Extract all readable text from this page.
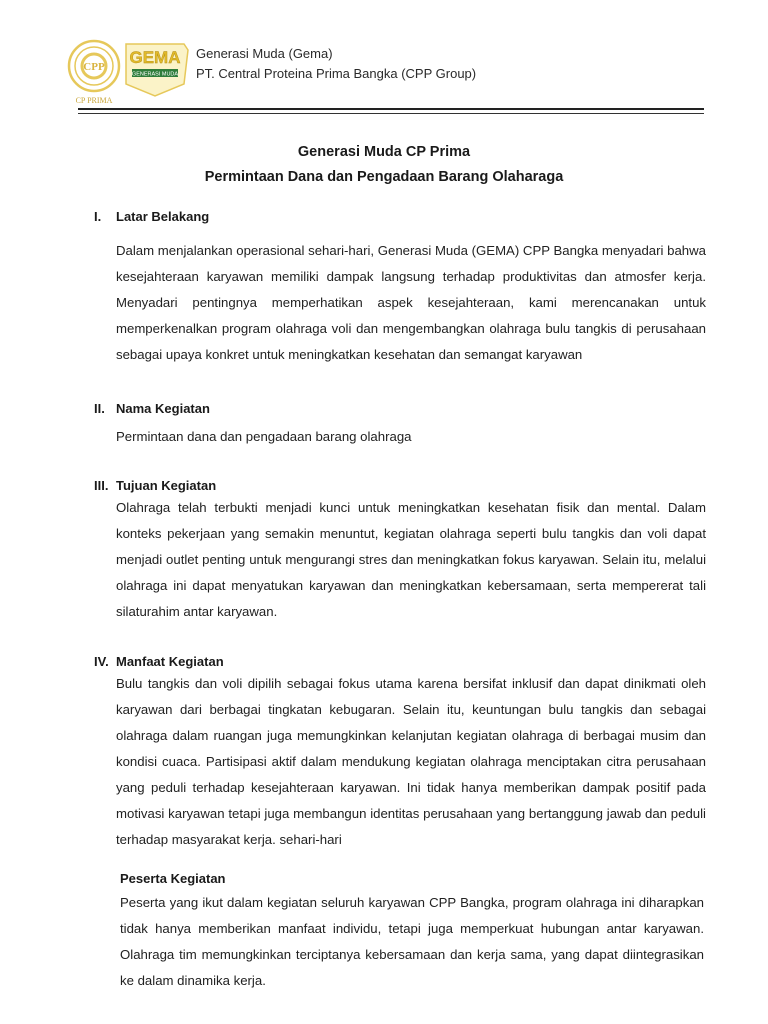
CPP
CP PRIMA
GEMA
GENERASI MUDA
Generasi Muda (Gema)
PT. Central Proteina Prima Bangka (CPP Group)
Generasi Muda CP Prima
Permintaan Dana dan Pengadaan Barang Olaharaga
I. Latar Belakang

Dalam menjalankan operasional sehari-hari, Generasi Muda (GEMA) CPP Bangka menyadari bahwa kesejahteraan karyawan memiliki dampak langsung terhadap produktivitas dan atmosfer kerja. Menyadari pentingnya memperhatikan aspek kesejahteraan, kami merencanakan untuk memperkenalkan program olahraga voli dan mengembangkan olahraga bulu tangkis di perusahaan sebagai upaya konkret untuk meningkatkan kesehatan dan semangat karyawan

II. Nama Kegiatan

Permintaan dana dan pengadaan barang olahraga

III. Tujuan Kegiatan

Olahraga telah terbukti menjadi kunci untuk meningkatkan kesehatan fisik dan mental. Dalam konteks pekerjaan yang semakin menuntut, kegiatan olahraga seperti bulu tangkis dan voli dapat menjadi outlet penting untuk mengurangi stres dan meningkatkan fokus karyawan. Selain itu, melalui olahraga ini dapat menyatukan karyawan dan meningkatkan kebersamaan, serta mempererat tali silaturahim antar karyawan.

IV. Manfaat Kegiatan

Bulu tangkis dan voli dipilih sebagai fokus utama karena bersifat inklusif dan dapat dinikmati oleh karyawan dari berbagai tingkatan kebugaran. Selain itu, keuntungan bulu tangkis dan sebagai olahraga dalam ruangan juga memungkinkan kelanjutan kegiatan olahraga di berbagai musim dan kondisi cuaca. Partisipasi aktif dalam mendukung kegiatan olahraga menciptakan citra perusahaan yang peduli terhadap kesejahteraan karyawan. Ini tidak hanya memberikan dampak positif pada motivasi karyawan tetapi juga membangun identitas perusahaan yang bertanggung jawab dan peduli terhadap masyarakat kerja. sehari-hari

Peserta Kegiatan

Peserta yang ikut dalam kegiatan seluruh karyawan CPP Bangka, program olahraga ini diharapkan tidak hanya memberikan manfaat individu, tetapi juga memperkuat hubungan antar karyawan. Olahraga tim memungkinkan terciptanya kebersamaan dan kerja sama, yang dapat diintegrasikan ke dalam dinamika kerja.
